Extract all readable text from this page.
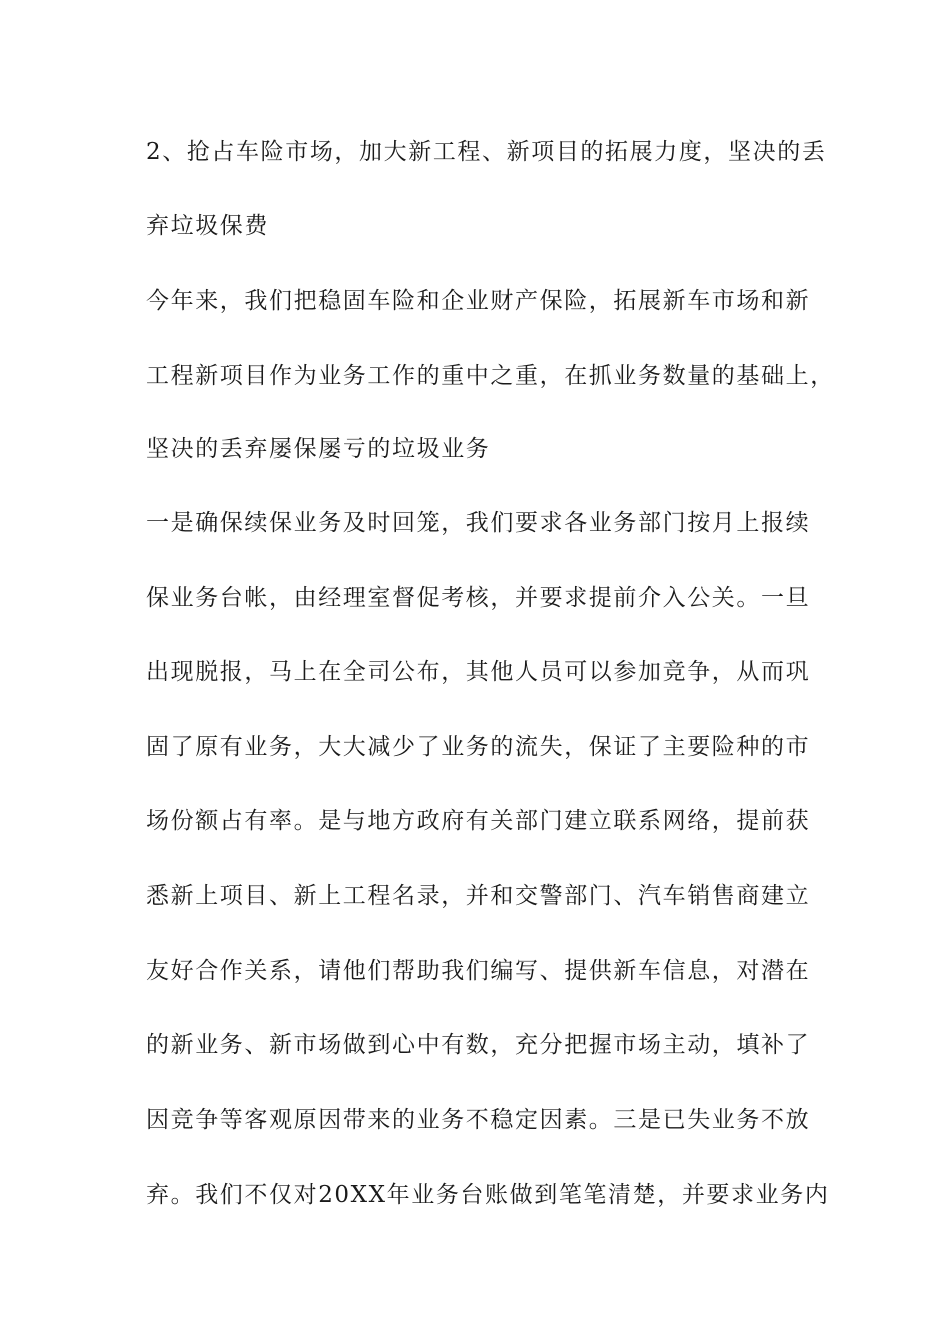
2、抢占车险市场，加大新工程、新项目的拓展力度，坚决的丢
弃垃圾保费
今年来，我们把稳固车险和企业财产保险，拓展新车市场和新
工程新项目作为业务工作的重中之重，在抓业务数量的基础上，
坚决的丢弃屡保屡亏的垃圾业务
一是确保续保业务及时回笼，我们要求各业务部门按月上报续
保业务台帐，由经理室督促考核，并要求提前介入公关。一旦
出现脱报，马上在全司公布，其他人员可以参加竞争，从而巩
固了原有业务，大大减少了业务的流失，保证了主要险种的市
场份额占有率。是与地方政府有关部门建立联系网络，提前获
悉新上项目、新上工程名录，并和交警部门、汽车销售商建立
友好合作关系，请他们帮助我们编写、提供新车信息，对潜在
的新业务、新市场做到心中有数，充分把握市场主动，填补了
因竞争等客观原因带来的业务不稳定因素。三是已失业务不放
弃。我们不仅对20XX年业务台账做到笔笔清楚，并要求业务内
